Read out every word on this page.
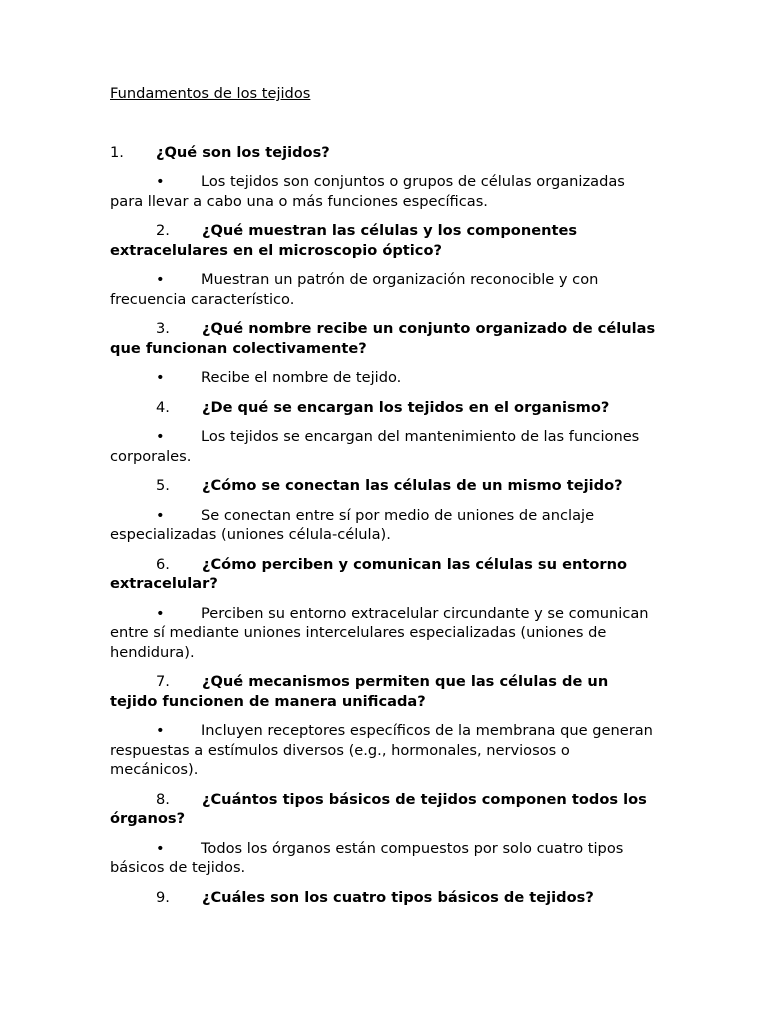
Fundamentos de los tejidos

1. ¿Qué son los tejidos?

• Los tejidos son conjuntos o grupos de células organizadas para llevar a cabo una o más funciones específicas.

2. ¿Qué muestran las células y los componentes extracelulares en el microscopio óptico?

• Muestran un patrón de organización reconocible y con frecuencia característico.

3. ¿Qué nombre recibe un conjunto organizado de células que funcionan colectivamente?

• Recibe el nombre de tejido.

4. ¿De qué se encargan los tejidos en el organismo?

• Los tejidos se encargan del mantenimiento de las funciones corporales.

5. ¿Cómo se conectan las células de un mismo tejido?

• Se conectan entre sí por medio de uniones de anclaje especializadas (uniones célula-célula).

6. ¿Cómo perciben y comunican las células su entorno extracelular?

• Perciben su entorno extracelular circundante y se comunican entre sí mediante uniones intercelulares especializadas (uniones de hendidura).

7. ¿Qué mecanismos permiten que las células de un tejido funcionen de manera unificada?

• Incluyen receptores específicos de la membrana que generan respuestas a estímulos diversos (e.g., hormonales, nerviosos o mecánicos).

8. ¿Cuántos tipos básicos de tejidos componen todos los órganos?

• Todos los órganos están compuestos por solo cuatro tipos básicos de tejidos.

9. ¿Cuáles son los cuatro tipos básicos de tejidos?
